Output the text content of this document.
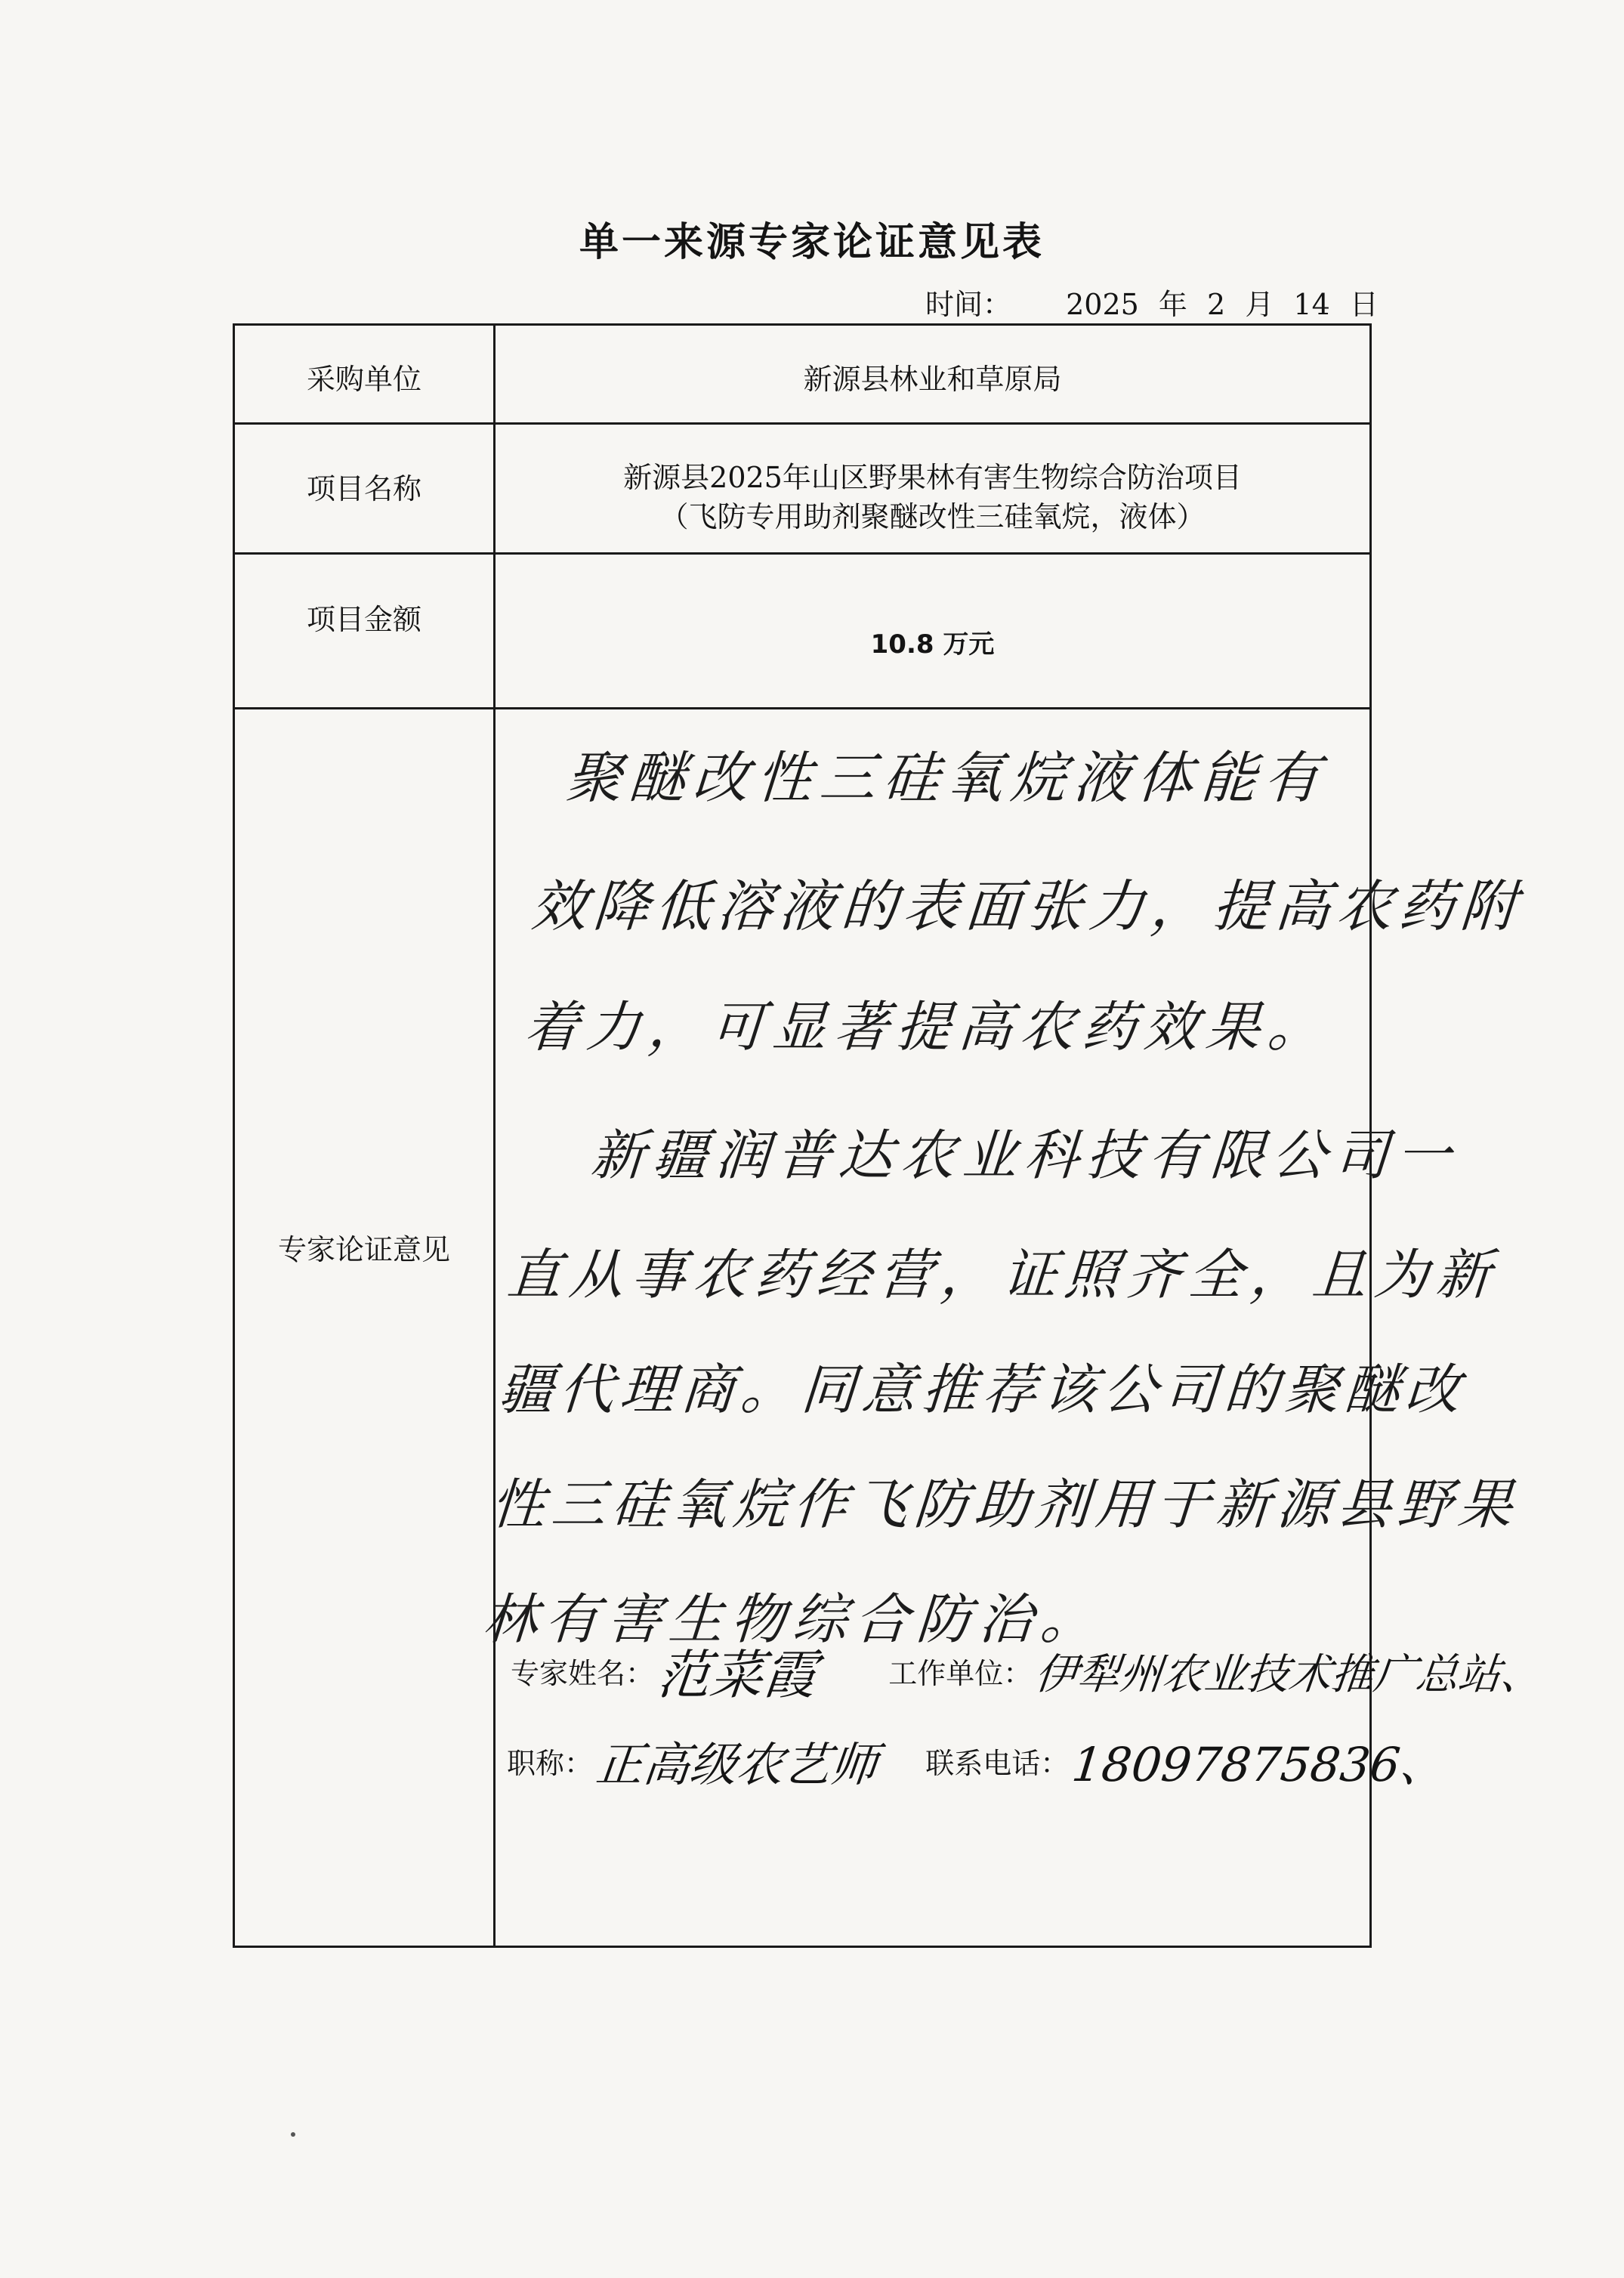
单一来源专家论证意见表
时间： 2025 年 2 月 14 日
采购单位	新源县林业和草原局
项目名称	新源县2025年山区野果林有害生物综合防治项目
（飞防专用助剂聚醚改性三硅氧烷，液体）
项目金额
10.8 万元
专家论证意见

聚醚改性三硅氧烷液体能有

效降低溶液的表面张力，提高农药附

着力，可显著提高农药效果。

新疆润普达农业科技有限公司一

直从事农药经营，证照齐全，且为新

疆代理商。同意推荐该公司的聚醚改

性三硅氧烷作飞防助剂用于新源县野果

林有害生物综合防治。

专家姓名： 范菜霞 工作单位： 伊犁州农业技术推广总站、
职称： 正高级农艺师 联系电话： 18097875836、
